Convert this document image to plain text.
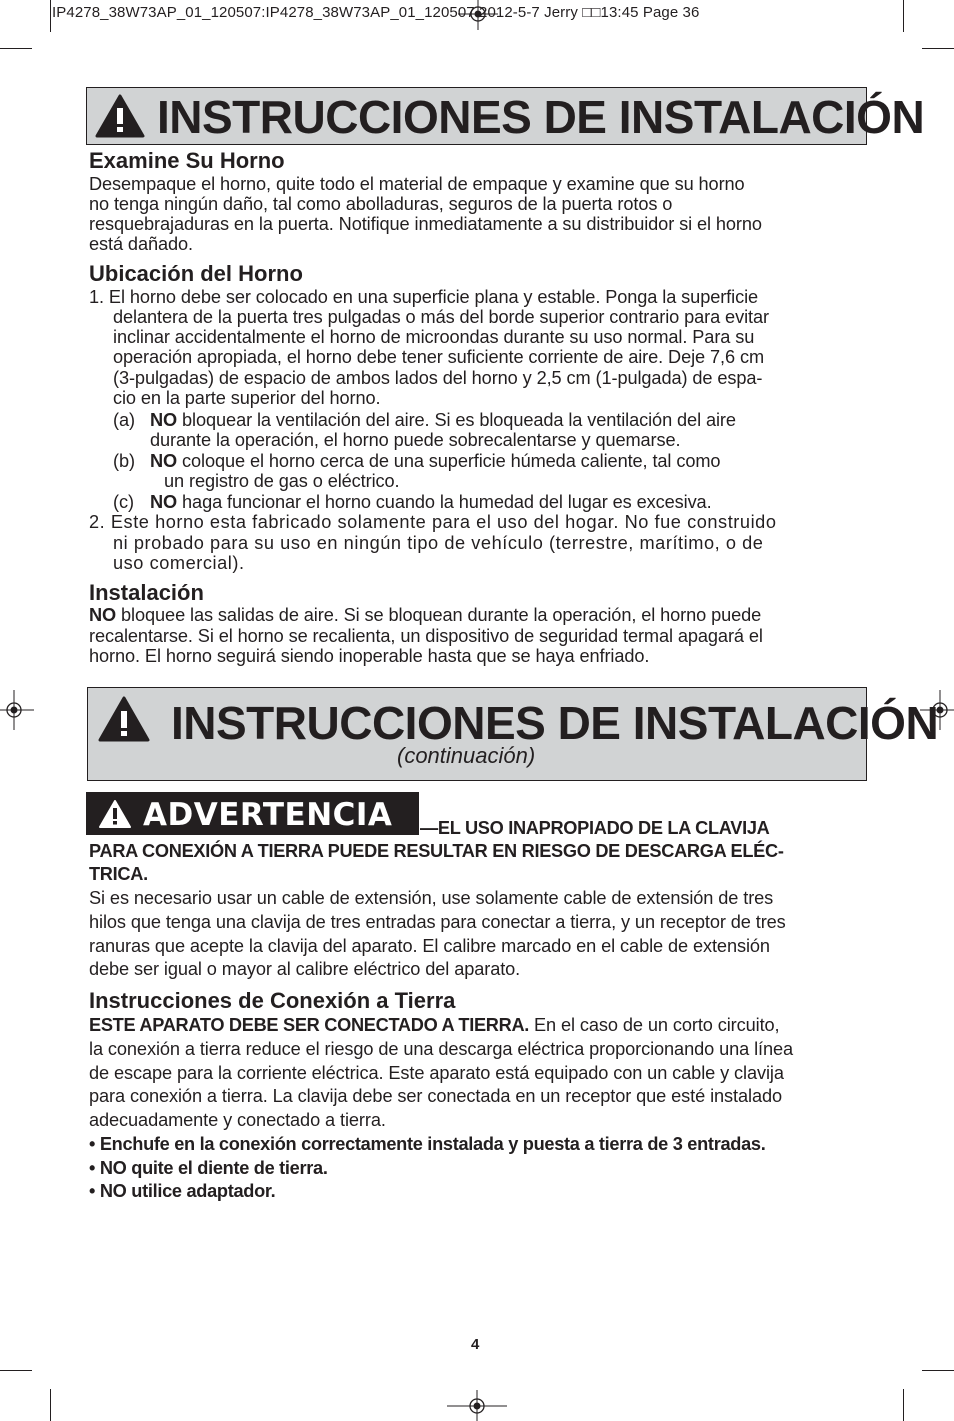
IP4278_38W73AP_01_120507:IP4278_38W73AP_01_120507 2012-5-7 Jerry □□13:45 Page 36
INSTRUCCIONES DE INSTALACIÓN
Examine Su Horno
Desempaque el horno, quite todo el material de empaque y examine que su horno
no tenga ningún daño, tal como abolladuras, seguros de la puerta rotos o
resquebrajaduras en la puerta. Notifique inmediatamente a su distribuidor si el horno
está dañado.
Ubicación del Horno
1. El horno debe ser colocado en una superficie plana y estable. Ponga la superficie
delantera de la puerta tres pulgadas o más del borde superior contrario para evitar
inclinar accidentalmente el horno de microondas durante su uso normal. Para su
operación apropiada, el horno debe tener suficiente corriente de aire. Deje 7,6 cm
(3-pulgadas) de espacio de ambos lados del horno y 2,5 cm (1-pulgada) de espa-
cio en la parte superior del horno.
(a) NO bloquear la ventilación del aire. Si es bloqueada la ventilación del aire
durante la operación, el horno puede sobrecalentarse y quemarse.
(b) NO coloque el horno cerca de una superficie húmeda caliente, tal como
un registro de gas o eléctrico.
(c) NO haga funcionar el horno cuando la humedad del lugar es excesiva.
2. Este horno esta fabricado solamente para el uso del hogar. No fue construido
ni probado para su uso en ningún tipo de vehículo (terrestre, marítimo, o de
uso comercial).
Instalación
NO bloquee las salidas de aire. Si se bloquean durante la operación, el horno puede
recalentarse. Si el horno se recalienta, un dispositivo de seguridad termal apagará el
horno. El horno seguirá siendo inoperable hasta que se haya enfriado.
INSTRUCCIONES DE INSTALACIÓN
(continuación)
ADVERTENCIA —EL USO INAPROPIADO DE LA CLAVIJA
PARA CONEXIÓN A TIERRA PUEDE RESULTAR EN RIESGO DE DESCARGA ELÉC-
TRICA.
Si es necesario usar un cable de extensión, use solamente cable de extensión de tres
hilos que tenga una clavija de tres entradas para conectar a tierra, y un receptor de tres
ranuras que acepte la clavija del aparato. El calibre marcado en el cable de extensión
debe ser igual o mayor al calibre eléctrico del aparato.
Instrucciones de Conexión a Tierra
ESTE APARATO DEBE SER CONECTADO A TIERRA. En el caso de un corto circuito,
la conexión a tierra reduce el riesgo de una descarga eléctrica proporcionando una línea
de escape para la corriente eléctrica. Este aparato está equipado con un cable y clavija
para conexión a tierra. La clavija debe ser conectada en un receptor que esté instalado
adecuadamente y conectado a tierra.
• Enchufe en la conexión correctamente instalada y puesta a tierra de 3 entradas.
• NO quite el diente de tierra.
• NO utilice adaptador.
4
